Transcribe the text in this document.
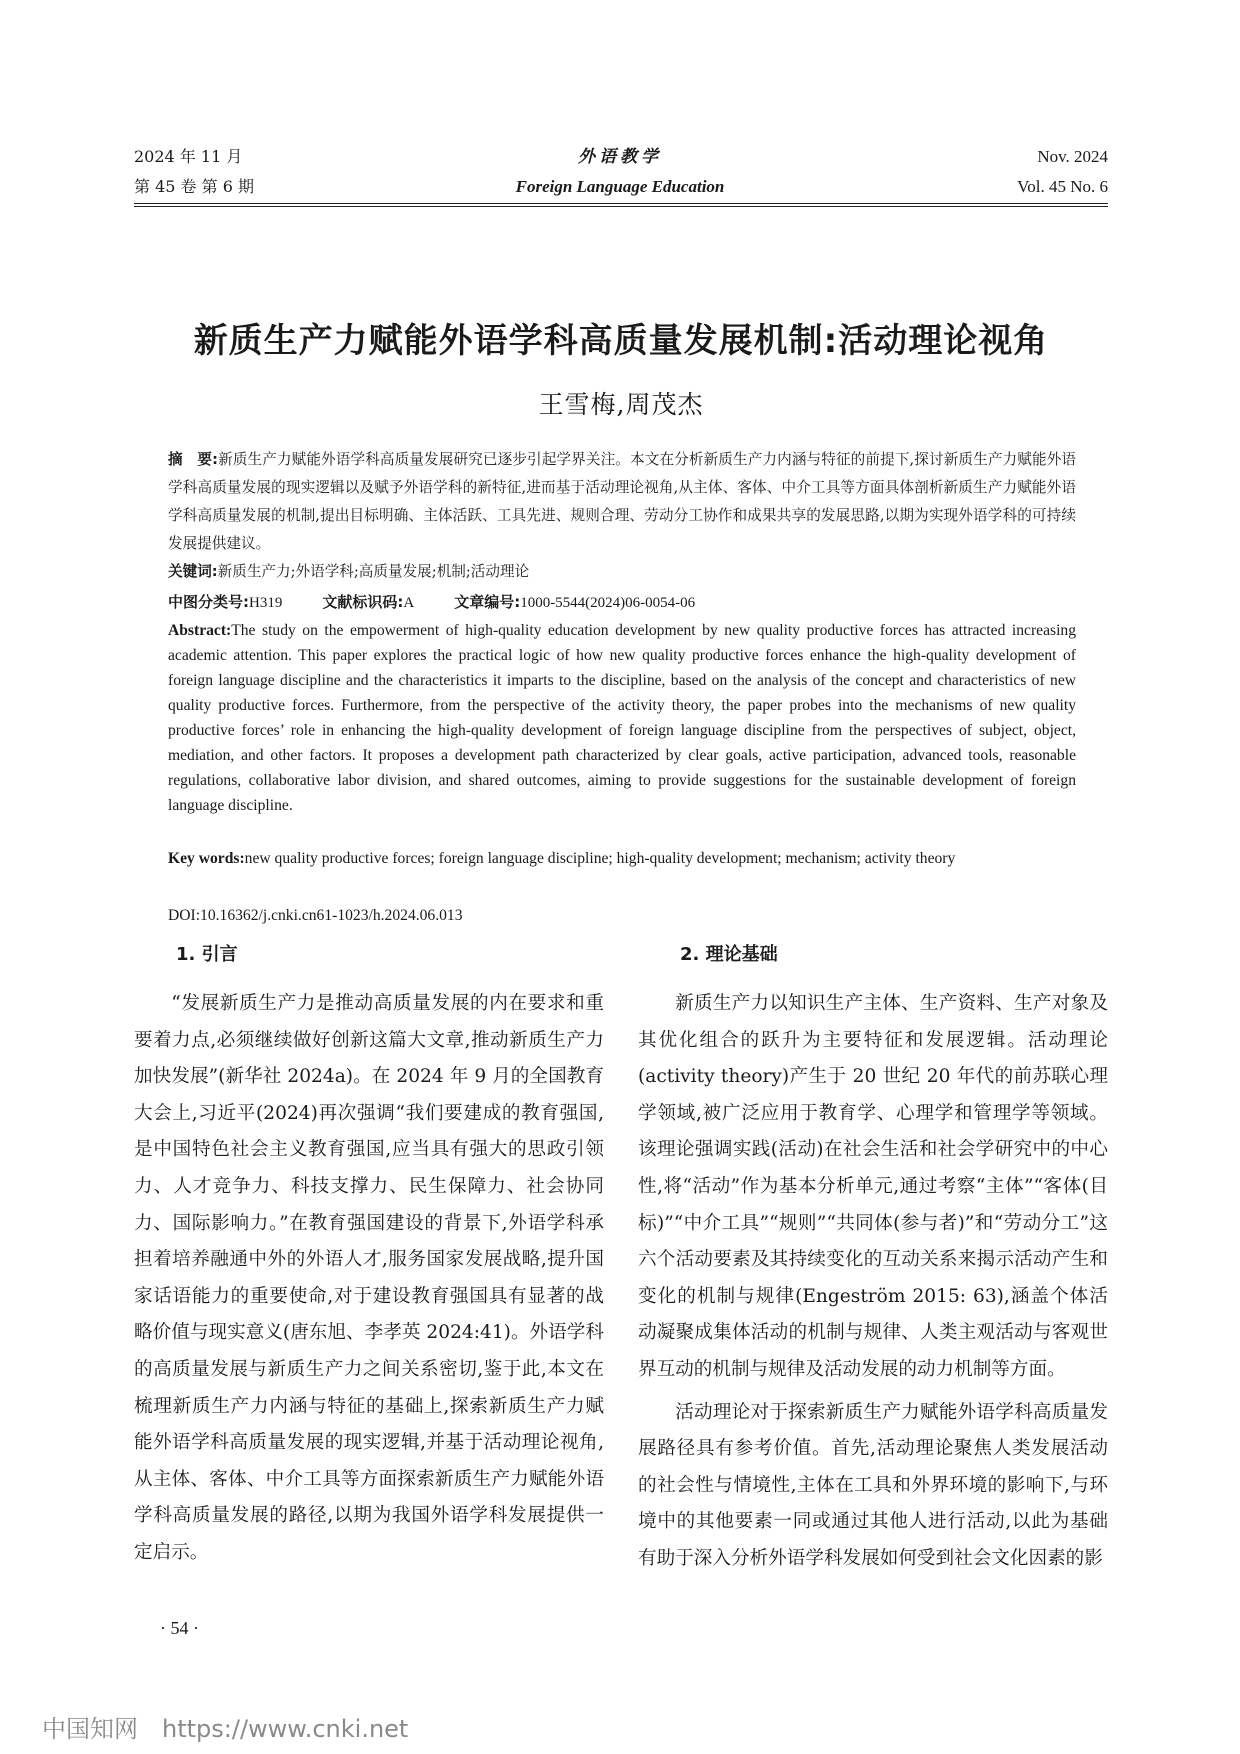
2024 年 11 月
第 45 卷 第 6 期
外语教学
Foreign Language Education
Nov. 2024
Vol. 45 No. 6
新质生产力赋能外语学科高质量发展机制:活动理论视角
王雪梅,周茂杰
摘　要:新质生产力赋能外语学科高质量发展研究已逐步引起学界关注。本文在分析新质生产力内涵与特征的前提下,探讨新质生产力赋能外语学科高质量发展的现实逻辑以及赋予外语学科的新特征,进而基于活动理论视角,从主体、客体、中介工具等方面具体剖析新质生产力赋能外语学科高质量发展的机制,提出目标明确、主体活跃、工具先进、规则合理、劳动分工协作和成果共享的发展思路,以期为实现外语学科的可持续发展提供建议。
关键词:新质生产力;外语学科;高质量发展;机制;活动理论
中图分类号:H319	文献标识码:A	文章编号:1000-5544(2024)06-0054-06
Abstract:The study on the empowerment of high-quality education development by new quality productive forces has attracted increasing academic attention. This paper explores the practical logic of how new quality productive forces enhance the high-quality development of foreign language discipline and the characteristics it imparts to the discipline, based on the analysis of the concept and characteristics of new quality productive forces. Furthermore, from the perspective of the activity theory, the paper probes into the mechanisms of new quality productive forces’ role in enhancing the high-quality development of foreign language discipline from the perspectives of subject, object, mediation, and other factors. It proposes a development path characterized by clear goals, active participation, advanced tools, reasonable regulations, collaborative labor division, and shared outcomes, aiming to provide suggestions for the sustainable development of foreign language discipline.
Key words:new quality productive forces; foreign language discipline; high-quality development; mechanism; activity theory
DOI:10.16362/j.cnki.cn61-1023/h.2024.06.013
1. 引言

“发展新质生产力是推动高质量发展的内在要求和重要着力点,必须继续做好创新这篇大文章,推动新质生产力加快发展”(新华社 2024a)。在 2024 年 9 月的全国教育大会上,习近平(2024)再次强调“我们要建成的教育强国,是中国特色社会主义教育强国,应当具有强大的思政引领力、人才竞争力、科技支撑力、民生保障力、社会协同力、国际影响力。”在教育强国建设的背景下,外语学科承担着培养融通中外的外语人才,服务国家发展战略,提升国家话语能力的重要使命,对于建设教育强国具有显著的战略价值与现实意义(唐东旭、李孝英 2024:41)。外语学科的高质量发展与新质生产力之间关系密切,鉴于此,本文在梳理新质生产力内涵与特征的基础上,探索新质生产力赋能外语学科高质量发展的现实逻辑,并基于活动理论视角,从主体、客体、中介工具等方面探索新质生产力赋能外语学科高质量发展的路径,以期为我国外语学科发展提供一定启示。

2. 理论基础

新质生产力以知识生产主体、生产资料、生产对象及其优化组合的跃升为主要特征和发展逻辑。活动理论(activity theory)产生于 20 世纪 20 年代的前苏联心理学领域,被广泛应用于教育学、心理学和管理学等领域。该理论强调实践(活动)在社会生活和社会学研究中的中心性,将“活动”作为基本分析单元,通过考察“主体”“客体(目标)”“中介工具”“规则”“共同体(参与者)”和“劳动分工”这六个活动要素及其持续变化的互动关系来揭示活动产生和变化的机制与规律(Engeström 2015: 63),涵盖个体活动凝聚成集体活动的机制与规律、人类主观活动与客观世界互动的机制与规律及活动发展的动力机制等方面。

活动理论对于探索新质生产力赋能外语学科高质量发展路径具有参考价值。首先,活动理论聚焦人类发展活动的社会性与情境性,主体在工具和外界环境的影响下,与环境中的其他要素一同或通过其他人进行活动,以此为基础有助于深入分析外语学科发展如何受到社会文化因素的影

· 54 ·
中国知网 https://www.cnki.net
